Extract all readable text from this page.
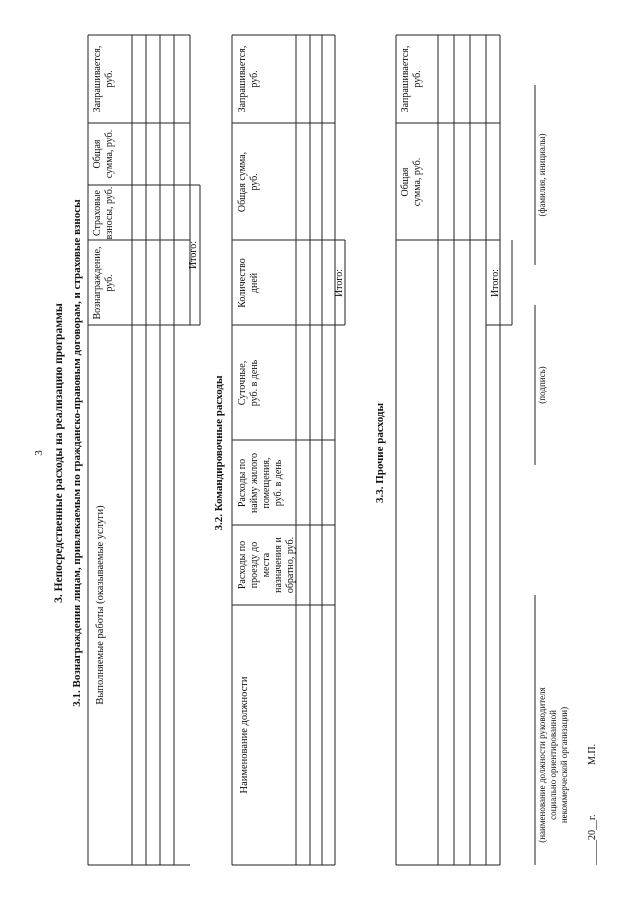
3 3. Непосредственные расходы на реализацию программы 3.1. Вознаграждения лицам, привлекаемым по гражданско-правовым договорам, и страховые взносы Выполняемые работы (оказываемые услуги)
Вознаграждение,руб.
Страховыевзносы, руб.
Общаясумма, руб.
Запрашивается,руб.
Итого:
3.2. Командировочные расходы
Наименование должности
Расходы попроезду доместаназначения иобратно, руб.
Расходы понайму жилогопомещения,руб. в день
Суточные,руб. в день
Количестводней
Общая сумма,руб.
Запрашивается,руб.
Итого:
3.3. Прочие расходы
Общаясумма, руб.
Запрашивается,руб.
Итого:
(наименование должности руководителясоциально ориентированнойнекоммерческой организации)
(подпись)
(фамилия, инициалы)
_____20__г.
М.П.
